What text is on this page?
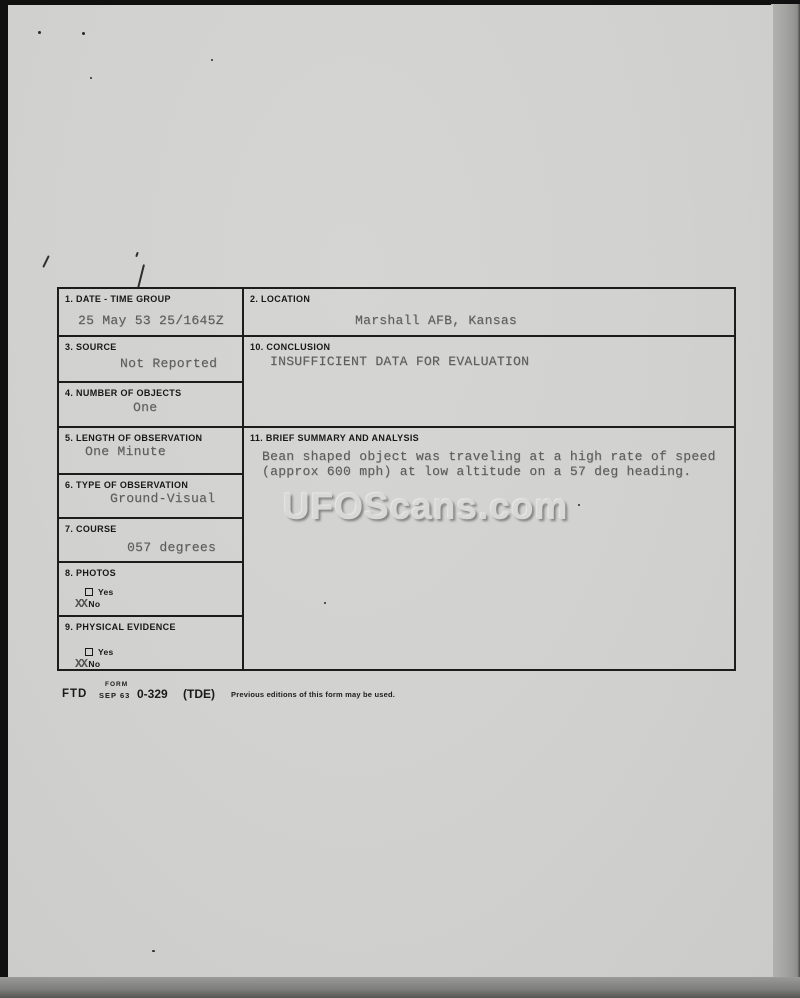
1. DATE - TIME GROUP
25 May 53 25/1645Z
3. SOURCE
Not Reported
4. NUMBER OF OBJECTS
One
5. LENGTH OF OBSERVATION
One Minute
6. TYPE OF OBSERVATION
Ground-Visual
7. COURSE
057 degrees
8. PHOTOS
Yes
XX No
9. PHYSICAL EVIDENCE
Yes
XX No
2. LOCATION
Marshall AFB, Kansas
10. CONCLUSION
INSUFFICIENT DATA FOR EVALUATION
11. BRIEF SUMMARY AND ANALYSIS
Bean shaped object was traveling at a high rate of speed (approx 600 mph) at low altitude on a 57 deg heading.
UFOScans.com
FORM
FTD SEP 63 0-329 (TDE) Previous editions of this form may be used.
